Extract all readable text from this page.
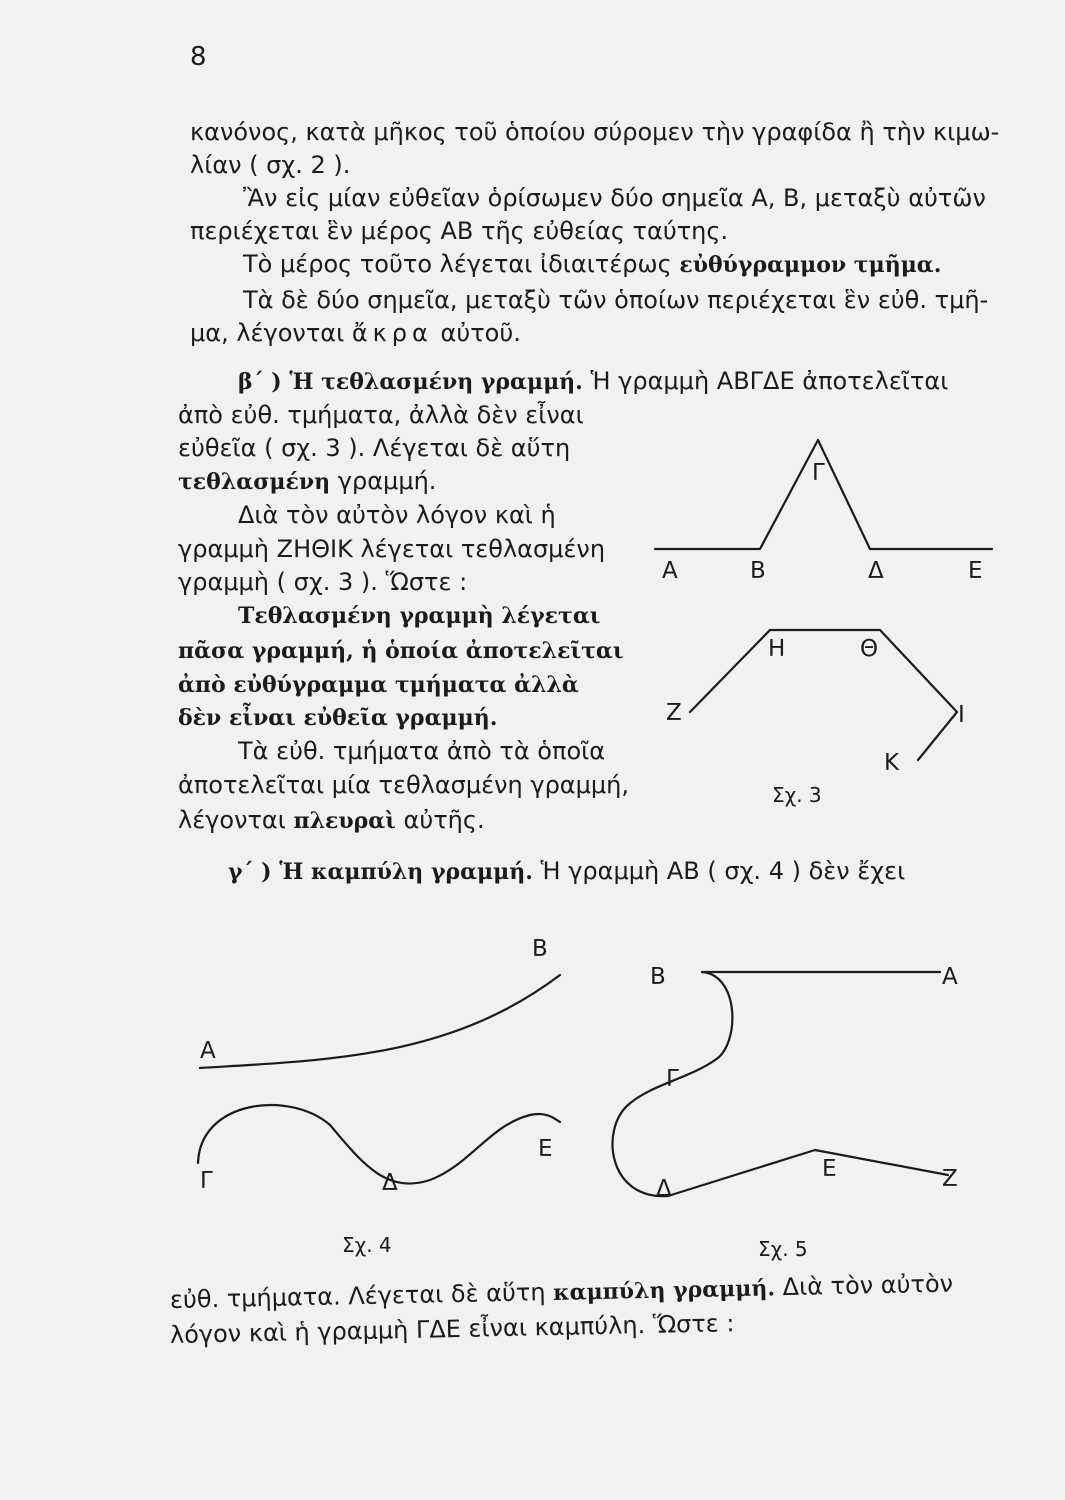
8
κανόνος, κατὰ μῆκος τοῦ ὁποίου σύρομεν τὴν γραφίδα ἢ τὴν κιμω-
λίαν ( σχ. 2 ).
Ἂν εἰς μίαν εὐθεῖαν ὁρίσωμεν δύο σημεῖα Α, Β, μεταξὺ αὐτῶν
περιέχεται ἓν μέρος ΑΒ τῆς εὐθείας ταύτης.
Τὸ μέρος τοῦτο λέγεται ἰδιαιτέρως εὐθύγραμμον τμῆμα.
Τὰ δὲ δύο σημεῖα, μεταξὺ τῶν ὁποίων περιέχεται ἓν εὐθ. τμῆ-
μα, λέγονται ἄκρα αὐτοῦ.
β΄ ) Ἡ τεθλασμένη γραμμή. Ἡ γραμμὴ ΑΒΓΔΕ ἀποτελεῖται
ἀπὸ εὐθ. τμήματα, ἀλλὰ δὲν εἶναι
εὐθεῖα ( σχ. 3 ). Λέγεται δὲ αὕτη
τεθλασμένη γραμμή.
Διὰ τὸν αὐτὸν λόγον καὶ ἡ
γραμμὴ ΖΗΘΙΚ λέγεται τεθλασμένη
γραμμὴ ( σχ. 3 ). Ὥστε :
Τεθλασμένη γραμμὴ λέγεται
πᾶσα γραμμή, ἡ ὁποία ἀποτελεῖται
ἀπὸ εὐθύγραμμα τμήματα ἀλλὰ
δὲν εἶναι εὐθεῖα γραμμή.
Τὰ εὐθ. τμήματα ἀπὸ τὰ ὁποῖα
ἀποτελεῖται μία τεθλασμένη γραμμή,
λέγονται πλευραὶ αὐτῆς.
γ΄ ) Ἡ καμπύλη γραμμή. Ἡ γραμμὴ ΑΒ ( σχ. 4 ) δὲν ἔχει
εὐθ. τμήματα. Λέγεται δὲ αὕτη καμπύλη γραμμή. Διὰ τὸν αὐτὸν
λόγον καὶ ἡ γραμμὴ ΓΔΕ εἶναι καμπύλη. Ὥστε :
Α	Β
Γ
Δ	Ε
Ζ
Η	Θ
Ι
Κ
Σχ. 3
Α
Β
Γ	Δ
Ε
Σχ. 4
Β	Α
Γ
Δ
Ε	Ζ
Σχ. 5
